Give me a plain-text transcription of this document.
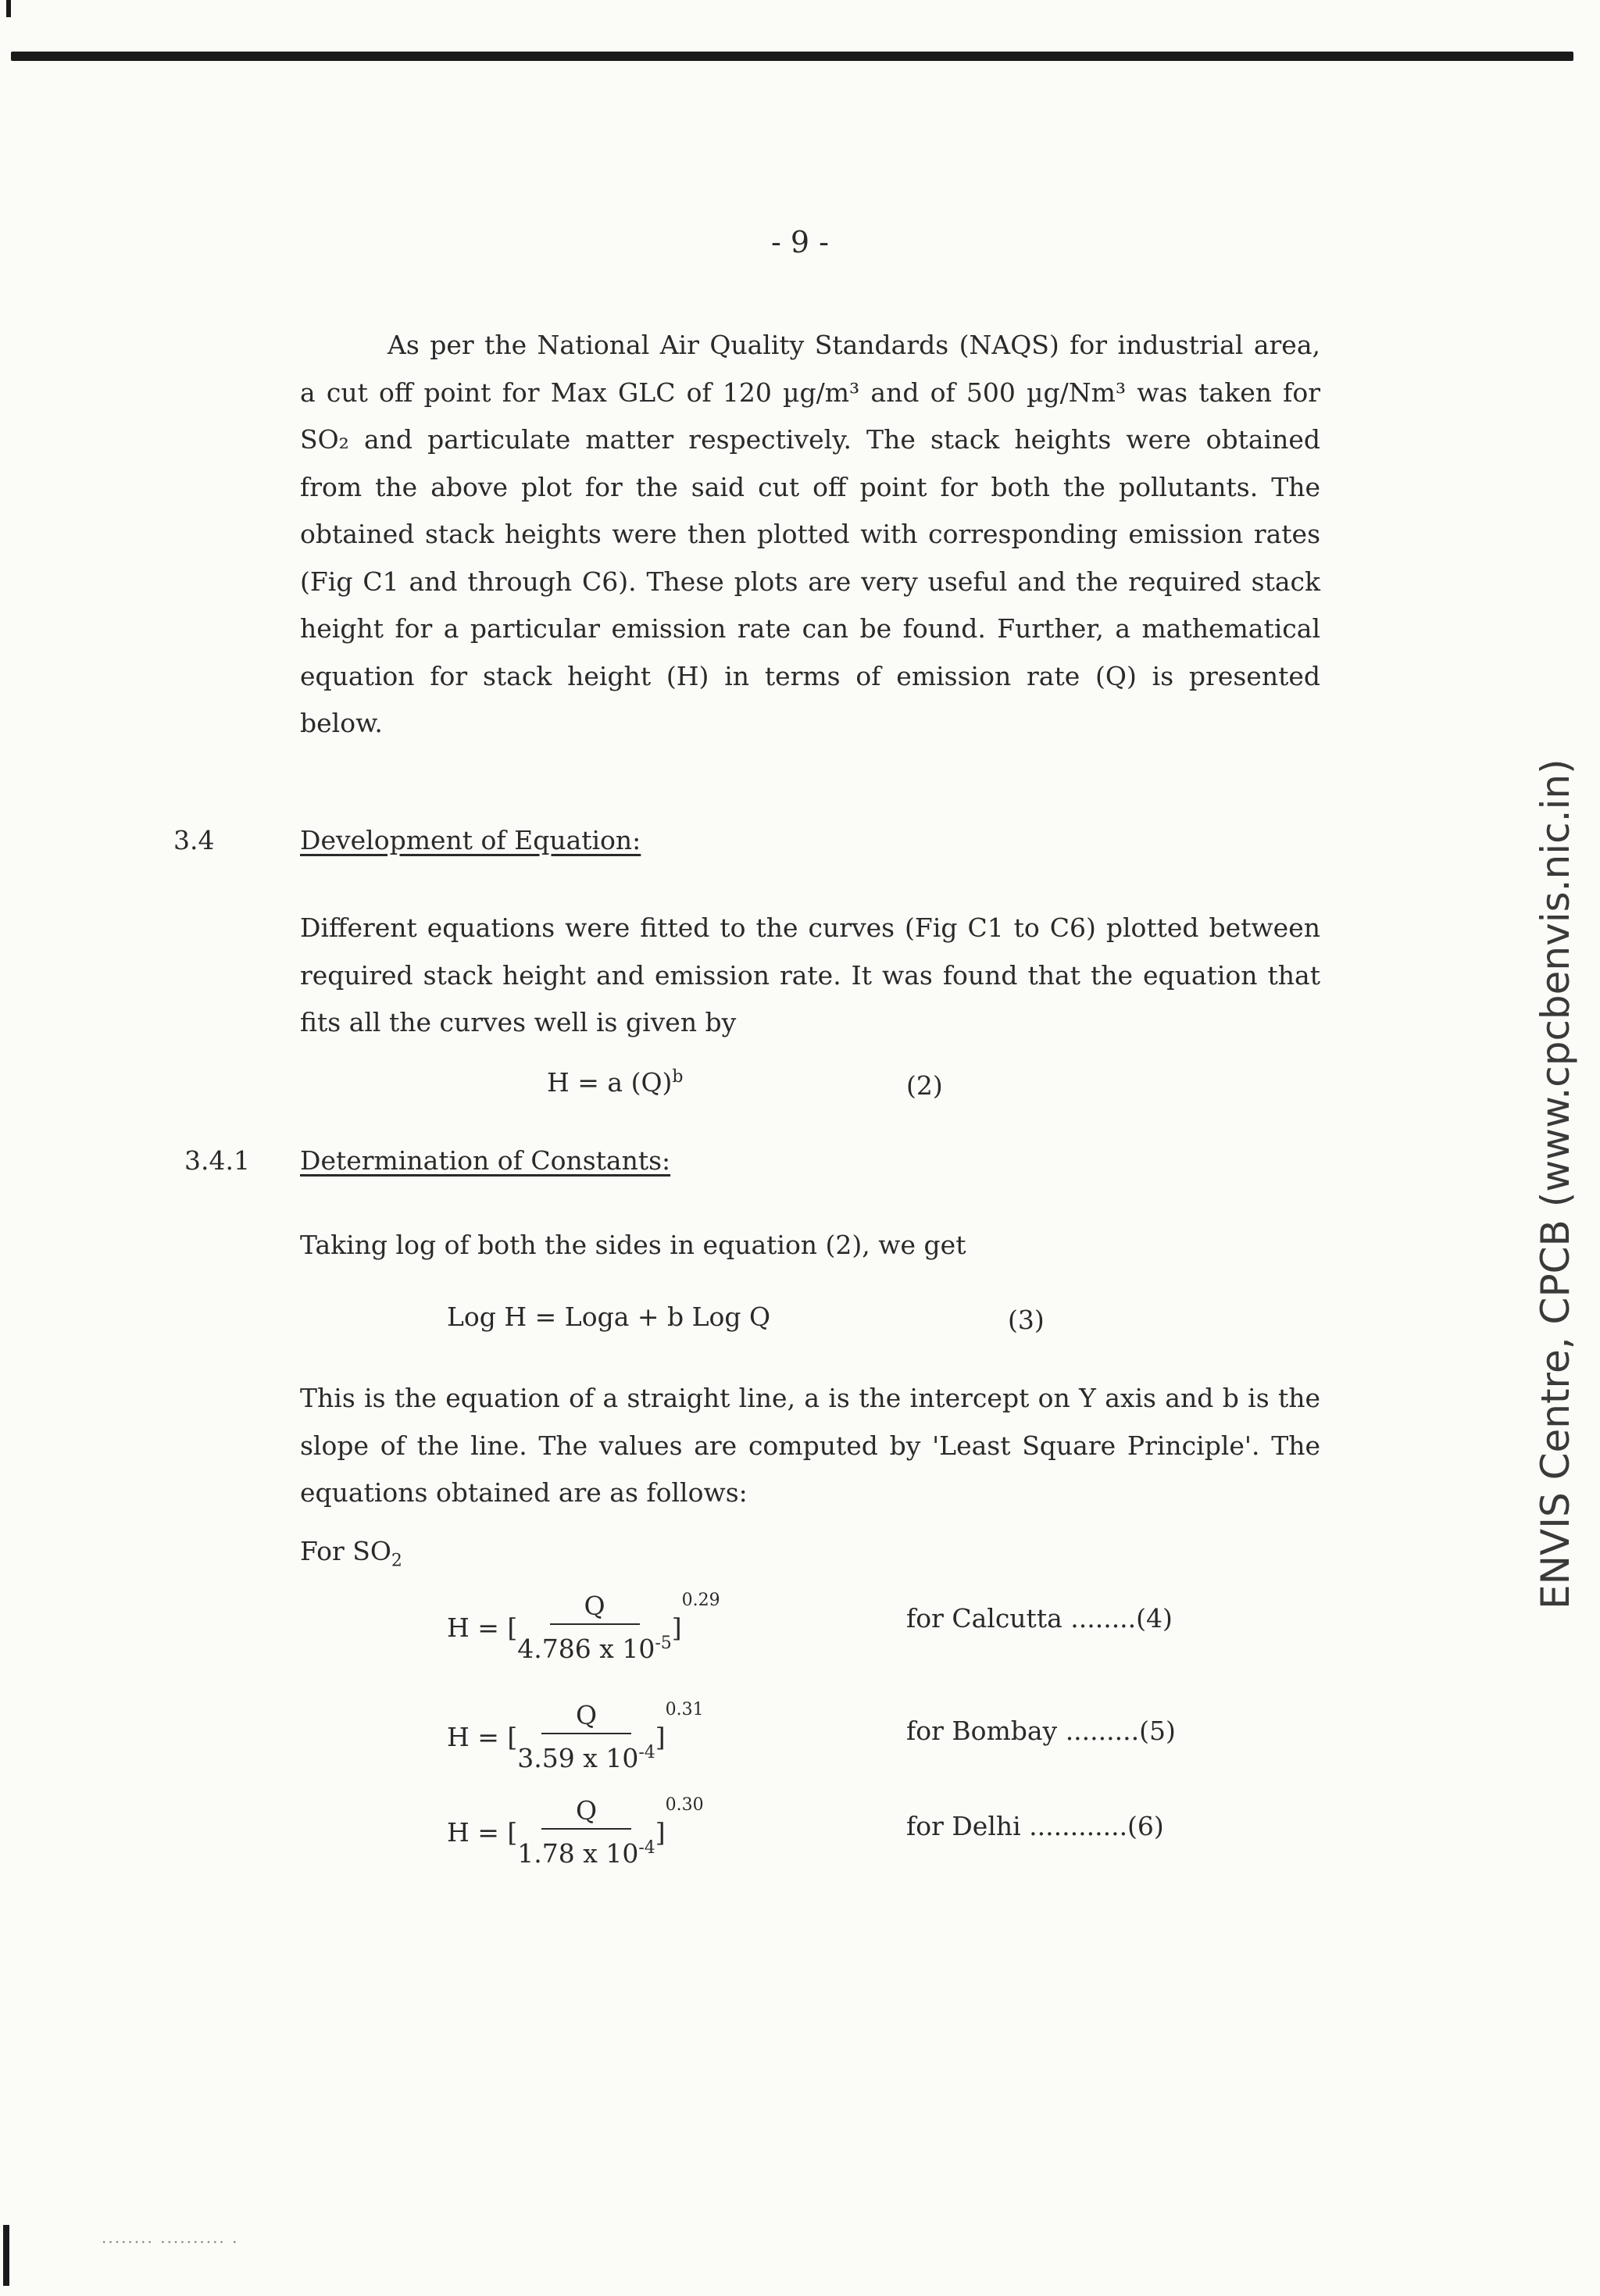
- 9 -
As per the National Air Quality Standards (NAQS) for industrial area, a cut off point for Max GLC of 120 µg/m³ and of 500 µg/Nm³ was taken for SO₂ and particulate matter respectively. The stack heights were obtained from the above plot for the said cut off point for both the pollutants. The obtained stack heights were then plotted with corresponding emission rates (Fig C1 and through C6). These plots are very useful and the required stack height for a particular emission rate can be found. Further, a mathematical equation for stack height (H) in terms of emission rate (Q) is presented below.
3.4	Development of Equation:
Different equations were fitted to the curves (Fig C1 to C6) plotted between required stack height and emission rate. It was found that the equation that fits all the curves well is given by
H = a $(Q)^b$	(2)
3.4.1 Determination of Constants:
Taking log of both the sides in equation (2), we get
Log H = Loga + b Log Q	(3)
This is the equation of a straight line, a is the intercept on Y axis and b is the slope of the line. The values are computed by 'Least Square Principle'. The equations obtained are as follows:
For $SO_2$
H = [ $\frac{Q}{4.786 x 10^{-5}}$ ]
0.29
for Calcutta ........(4)
H = [ $\frac{Q}{3.59 x 10^{-4}}$ ]
0.31
for Bombay .........(5)
H = [ $\frac{Q}{1.78 x 10^{-4}}$ ]
0.30
for Delhi ............(6)
ENVIS Centre, CPCB (www.cpcbenvis.nic.in)
........ .......... .
